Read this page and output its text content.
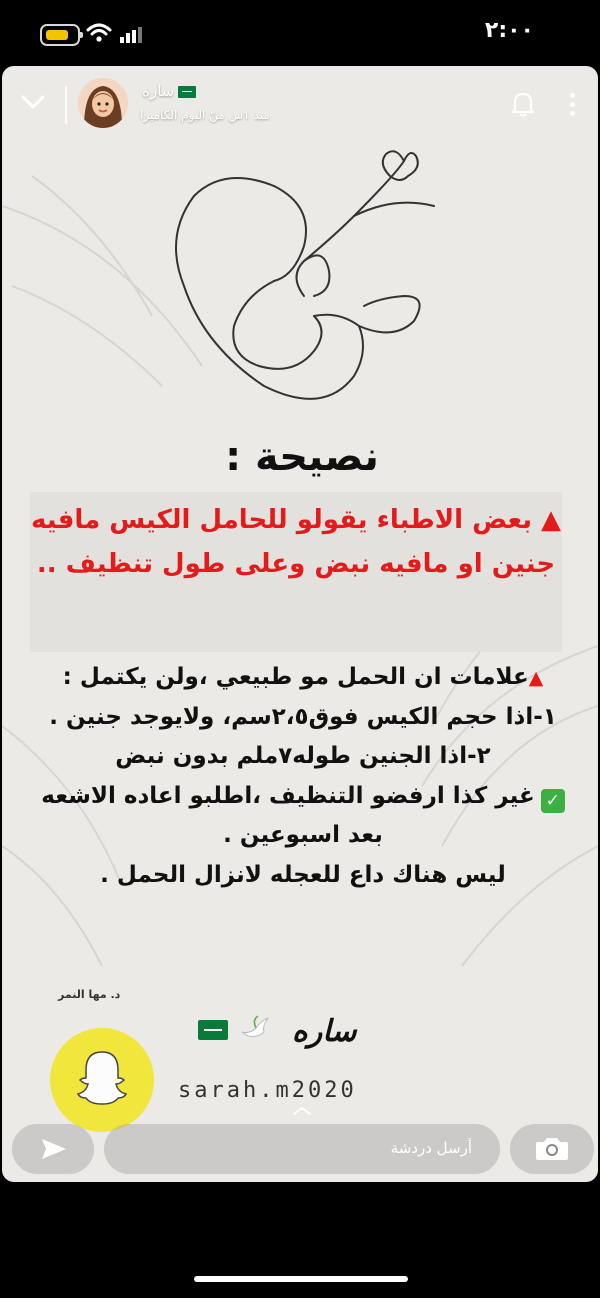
٢:٠٠
ساره
منذ ١س منّ البوم الكاميرا
نصيحة :
▲ بعض الاطباء يقولو للحامل الكيس مافيه جنين او مافيه نبض وعلى طول تنظيف ..
▲علامات ان الحمل مو طبيعي ،ولن يكتمل :
١-اذا حجم الكيس فوق٢،٥سم، ولايوجد جنين .
٢-اذا الجنين طوله٧ملم بدون نبض
✓غير كذا ارفضو التنظيف ،اطلبو اعاده الاشعه بعد اسبوعين .
ليس هناك داع للعجله لانزال الحمل .
د. مها النمر
ساره
sarah.m2020
أرسل دردشة
